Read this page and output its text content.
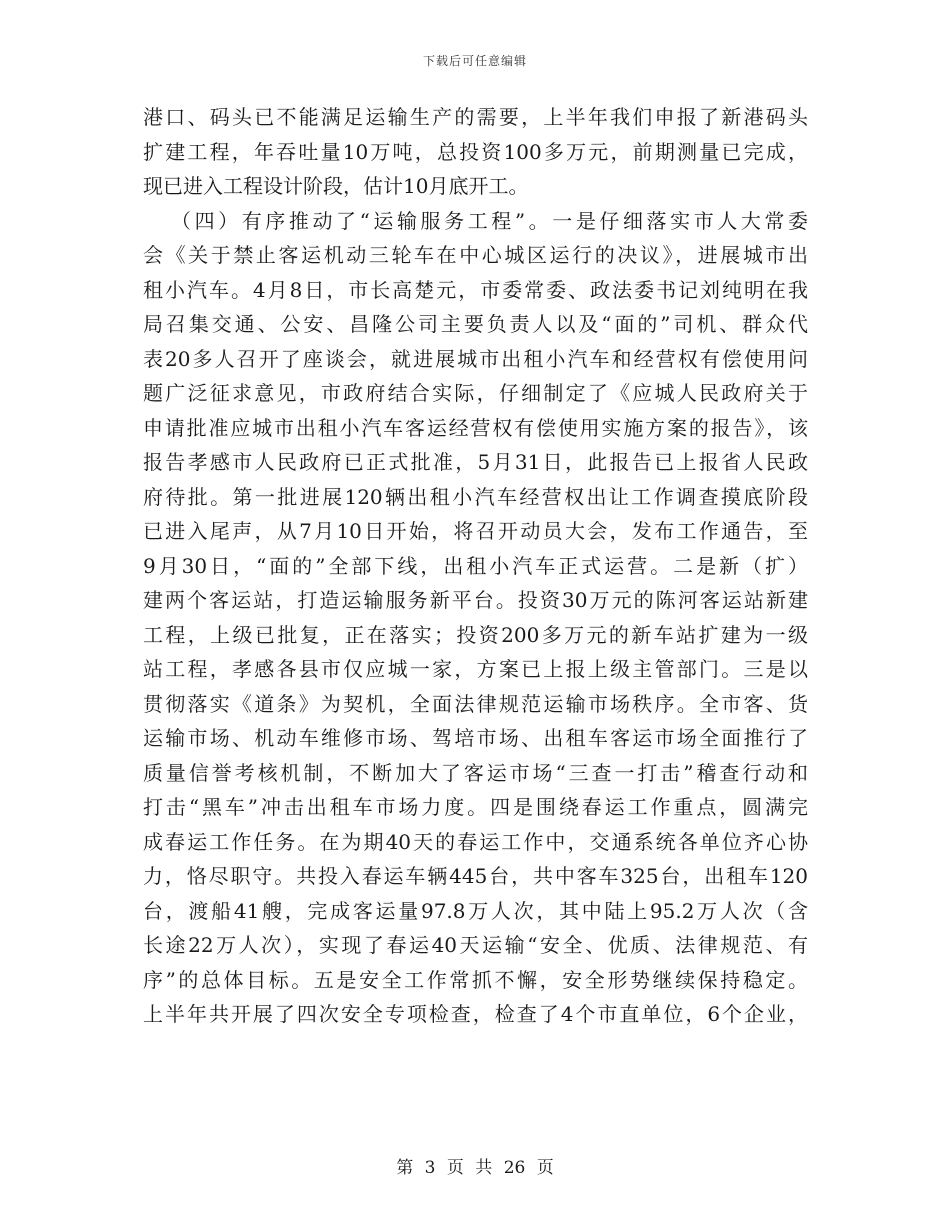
下载后可任意编辑
港口、码头已不能满足运输生产的需要，上半年我们申报了新港码头
扩建工程，年吞吐量10万吨，总投资100多万元，前期测量已完成，
现已进入工程设计阶段，估计10月底开工。
（四）有序推动了“运输服务工程”。一是仔细落实市人大常委
会《关于禁止客运机动三轮车在中心城区运行的决议》，进展城市出
租小汽车。4月8日，市长高楚元，市委常委、政法委书记刘纯明在我
局召集交通、公安、昌隆公司主要负责人以及“面的”司机、群众代
表20多人召开了座谈会，就进展城市出租小汽车和经营权有偿使用问
题广泛征求意见，市政府结合实际，仔细制定了《应城人民政府关于
申请批准应城市出租小汽车客运经营权有偿使用实施方案的报告》，该
报告孝感市人民政府已正式批准，5月31日，此报告已上报省人民政
府待批。第一批进展120辆出租小汽车经营权出让工作调查摸底阶段
已进入尾声，从7月10日开始，将召开动员大会，发布工作通告，至
9月30日，“面的”全部下线，出租小汽车正式运营。二是新（扩）
建两个客运站，打造运输服务新平台。投资30万元的陈河客运站新建
工程，上级已批复，正在落实；投资200多万元的新车站扩建为一级
站工程，孝感各县市仅应城一家，方案已上报上级主管部门。三是以
贯彻落实《道条》为契机，全面法律规范运输市场秩序。全市客、货
运输市场、机动车维修市场、驾培市场、出租车客运市场全面推行了
质量信誉考核机制，不断加大了客运市场“三查一打击”稽查行动和
打击“黑车”冲击出租车市场力度。四是围绕春运工作重点，圆满完
成春运工作任务。在为期40天的春运工作中，交通系统各单位齐心协
力，恪尽职守。共投入春运车辆445台，共中客车325台，出租车120
台，渡船41艘，完成客运量97.8万人次，其中陆上95.2万人次（含
长途22万人次），实现了春运40天运输“安全、优质、法律规范、有
序”的总体目标。五是安全工作常抓不懈，安全形势继续保持稳定。
上半年共开展了四次安全专项检查，检查了4个市直单位，6个企业，
第 3 页 共 26 页
